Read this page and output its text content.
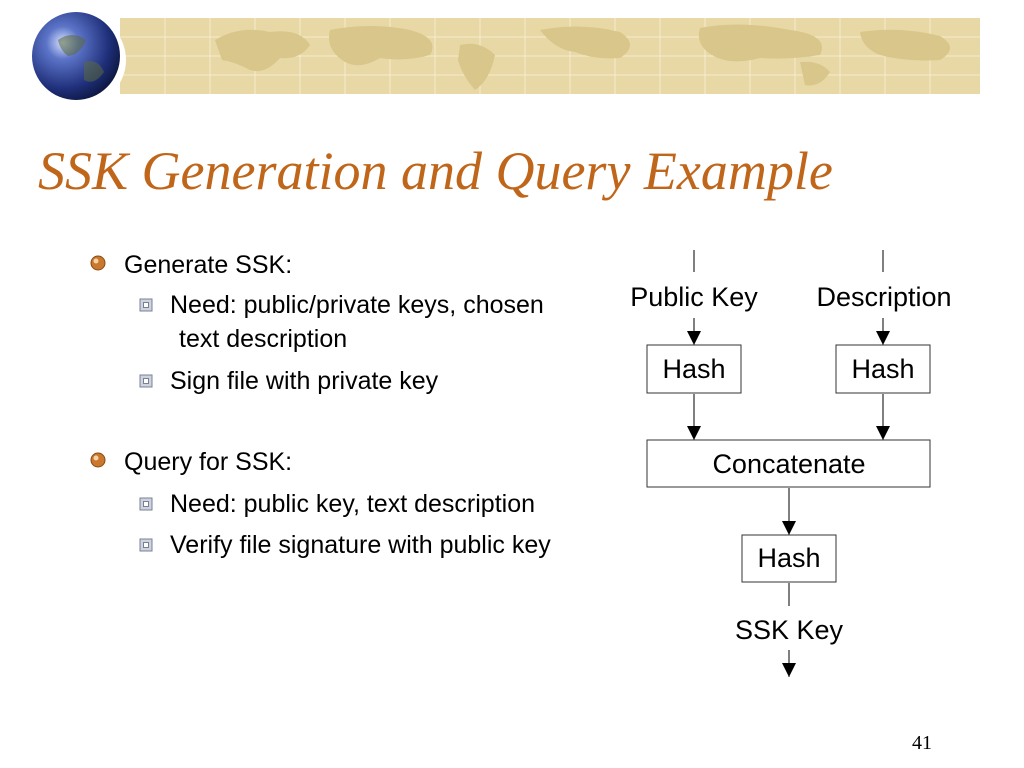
SSK Generation and Query Example
Generate SSK:
Need: public/private keys, chosen
text description
Sign file with private key
Query for SSK:
Need: public key, text description
Verify file signature with public key
Public Key Description
Hash	Hash
Concatenate
Hash
SSK Key
41
